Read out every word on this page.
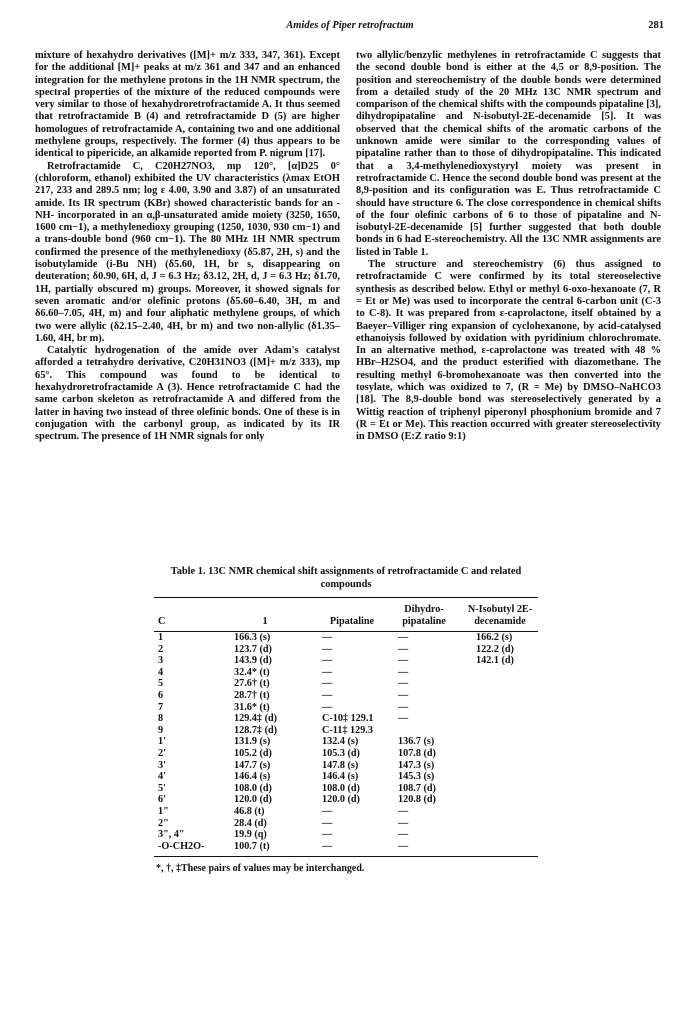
Amides of Piper retrofractum	281

mixture of hexahydro derivatives ([M]+ m/z 333, 347, 361). Except for the additional [M]+ peaks at m/z 361 and 347 and an enhanced integration for the methylene protons in the 1H NMR spectrum, the spectral properties of the mixture of the reduced compounds were very similar to those of hexahydroretrofractamide A. It thus seemed that retrofractamide B (4) and retrofractamide D (5) are higher homologues of retrofractamide A, containing two and one additional methylene groups, respectively. The former (4) thus appears to be identical to pipericide, an alkamide reported from P. nigrum [17].

Retrofractamide C, C20H27NO3, mp 120°, [α]D25 0° (chloroform, ethanol) exhibited the UV characteristics (λmax EtOH 217, 233 and 289.5 nm; log ε 4.00, 3.90 and 3.87) of an unsaturated amide. Its IR spectrum (KBr) showed characteristic bands for an -NH- incorporated in an α,β-unsaturated amide moiety (3250, 1650, 1600 cm−1), a methylenedioxy grouping (1250, 1030, 930 cm−1) and a trans-double bond (960 cm−1). The 80 MHz 1H NMR spectrum confirmed the presence of the methylenedioxy (δ5.87, 2H, s) and the isobutylamide (i-Bu NH) (δ5.60, 1H, br s, disappearing on deuteration; δ0.90, 6H, d, J = 6.3 Hz; δ3.12, 2H, d, J = 6.3 Hz; δ1.70, 1H, partially obscured m) groups. Moreover, it showed signals for seven aromatic and/or olefinic protons (δ5.60–6.40, 3H, m and δ6.60–7.05, 4H, m) and four aliphatic methylene groups, of which two were allylic (δ2.15–2.40, 4H, br m) and two non-allylic (δ1.35–1.60, 4H, br m).

Catalytic hydrogenation of the amide over Adam's catalyst afforded a tetrahydro derivative, C20H31NO3 ([M]+ m/z 333), mp 65°. This compound was found to be identical to hexahydroretrofractamide A (3). Hence retrofractamide C had the same carbon skeleton as retrofractamide A and differed from the latter in having two instead of three olefinic bonds. One of these is in conjugation with the carbonyl group, as indicated by its IR spectrum. The presence of 1H NMR signals for only

two allylic/benzylic methylenes in retrofractamide C suggests that the second double bond is either at the 4,5 or 8,9-position. The position and stereochemistry of the double bonds were determined from a detailed study of the 20 MHz 13C NMR spectrum and comparison of the chemical shifts with the compounds pipataline [3], dihydropipataline and N-isobutyl-2E-decenamide [5]. It was observed that the chemical shifts of the aromatic carbons of the unknown amide were similar to the corresponding values of pipataline rather than to those of dihydropipataline. This indicated that a 3,4-methylenedioxystyryl moiety was present in retrofractamide C. Hence the second double bond was present at the 8,9-position and its configuration was E. Thus retrofractamide C should have structure 6. The close correspondence in chemical shifts of the four olefinic carbons of 6 to those of pipataline and N-isobutyl-2E-decenamide [5] further suggested that both double bonds in 6 had E-stereochemistry. All the 13C NMR assignments are listed in Table 1.

The structure and stereochemistry (6) thus assigned to retrofractamide C were confirmed by its total stereoselective synthesis as described below. Ethyl or methyl 6-oxo-hexanoate (7, R = Et or Me) was used to incorporate the central 6-carbon unit (C-3 to C-8). It was prepared from ε-caprolactone, itself obtained by a Baeyer–Villiger ring expansion of cyclohexanone, by acid-catalysed ethanoiysis followed by oxidation with pyridinium chlorochromate. In an alternative method, ε-caprolactone was treated with 48 % HBr–H2SO4, and the product esterified with diazomethane. The resulting methyl 6-bromohexanoate was then converted into the tosylate, which was oxidized to 7, (R = Me) by DMSO–NaHCO3 [18]. The 8,9-double bond was stereoselectively generated by a Wittig reaction of triphenyl piperonyl phosphonium bromide and 7 (R = Et or Me). This reaction occurred with greater stereoselectivity in DMSO (E:Z ratio 9:1)

Table 1. 13C NMR chemical shift assignments of retrofractamide C and related compounds

C	1	Pipataline	Dihydro-pipataline	N-Isobutyl 2E-decenamide
1	166.3 (s)	—	—	166.2 (s)
2	123.7 (d)	—	—	122.2 (d)
3	143.9 (d)	—	—	142.1 (d)
4	32.4* (t)	—	—	
5	27.6† (t)	—	—	
6	28.7† (t)	—	—	
7	31.6* (t)	—	—	
8	129.4‡ (d)	C-10‡ 129.1	—	
9	128.7‡ (d)	C-11‡ 129.3		
1'	131.9 (s)	132.4 (s)	136.7 (s)	
2'	105.2 (d)	105.3 (d)	107.8 (d)	
3'	147.7 (s)	147.8 (s)	147.3 (s)	
4'	146.4 (s)	146.4 (s)	145.3 (s)	
5'	108.0 (d)	108.0 (d)	108.7 (d)	
6'	120.0 (d)	120.0 (d)	120.8 (d)	
1"	46.8 (t)	—	—	
2"	28.4 (d)	—	—	
3", 4"	19.9 (q)	—	—	
-O-CH2O-	100.7 (t)	—	—	
*, †, ‡These pairs of values may be interchanged.
